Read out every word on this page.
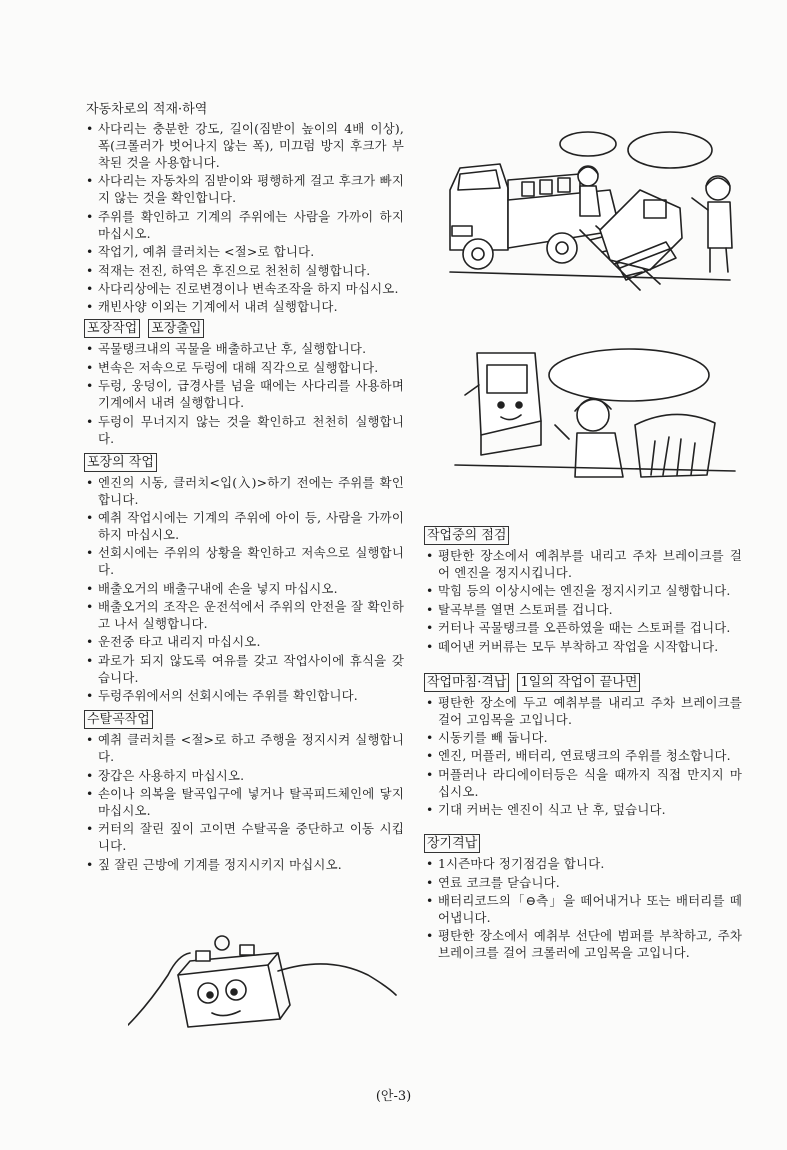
자동차로의 적재·하역
• 사다리는 충분한 강도, 길이(짐받이 높이의 4배 이상), 폭(크롤러가 벗어나지 않는 폭), 미끄럼 방지 후크가 부착된 것을 사용합니다.
• 사다리는 자동차의 짐받이와 평행하게 걸고 후크가 빠지지 않는 것을 확인합니다.
• 주위를 확인하고 기계의 주위에는 사람을 가까이 하지 마십시오.
• 작업기, 예취 클러치는 <절>로 합니다.
• 적재는 전진, 하역은 후진으로 천천히 실행합니다.
• 사다리상에는 진로변경이나 변속조작을 하지 마십시오.
• 캐빈사양 이외는 기계에서 내려 실행합니다.
포장작업 포장출입
• 곡물탱크내의 곡물을 배출하고난 후, 실행합니다.
• 변속은 저속으로 두렁에 대해 직각으로 실행합니다.
• 두렁, 웅덩이, 급경사를 넘을 때에는 사다리를 사용하며 기계에서 내려 실행합니다.
• 두렁이 무너지지 않는 것을 확인하고 천천히 실행합니다.
포장의 작업
• 엔진의 시동, 클러치<입(入)>하기 전에는 주위를 확인합니다.
• 예취 작업시에는 기계의 주위에 아이 등, 사람을 가까이 하지 마십시오.
• 선회시에는 주위의 상황을 확인하고 저속으로 실행합니다.
• 배출오거의 배출구내에 손을 넣지 마십시오.
• 배출오거의 조작은 운전석에서 주위의 안전을 잘 확인하고 나서 실행합니다.
• 운전중 타고 내리지 마십시오.
• 과로가 되지 않도록 여유를 갖고 작업사이에 휴식을 갖습니다.
• 두렁주위에서의 선회시에는 주위를 확인합니다.
수탈곡작업
• 예취 클러치를 <절>로 하고 주행을 정지시켜 실행합니다.
• 장갑은 사용하지 마십시오.
• 손이나 의복을 탈곡입구에 넣거나 탈곡피드체인에 닿지 마십시오.
• 커터의 잘린 짚이 고이면 수탈곡을 중단하고 이동 시킵니다.
• 짚 잘린 근방에 기계를 정지시키지 마십시오.
작업중의 점검
• 평탄한 장소에서 예취부를 내리고 주차 브레이크를 걸어 엔진을 정지시킵니다.
• 막힘 등의 이상시에는 엔진을 정지시키고 실행합니다.
• 탈곡부를 열면 스토퍼를 겁니다.
• 커터나 곡물탱크를 오픈하였을 때는 스토퍼를 겁니다.
• 떼어낸 커버류는 모두 부착하고 작업을 시작합니다.
작업마침·격납 1일의 작업이 끝나면
• 평탄한 장소에 두고 예취부를 내리고 주차 브레이크를 걸어 고임목을 고입니다.
• 시동키를 빼 둡니다.
• 엔진, 머플러, 배터리, 연료탱크의 주위를 청소합니다.
• 머플러나 라디에이터등은 식을 때까지 직접 만지지 마십시오.
• 기대 커버는 엔진이 식고 난 후, 덮습니다.
장기격납
• 1시즌마다 정기점검을 합니다.
• 연료 코크를 닫습니다.
• 배터리코드의「⊖측」을 떼어내거나 또는 배터리를 떼어냅니다.
• 평탄한 장소에서 예취부 선단에 범퍼를 부착하고, 주차브레이크를 걸어 크롤러에 고임목을 고입니다.
(안-3)
